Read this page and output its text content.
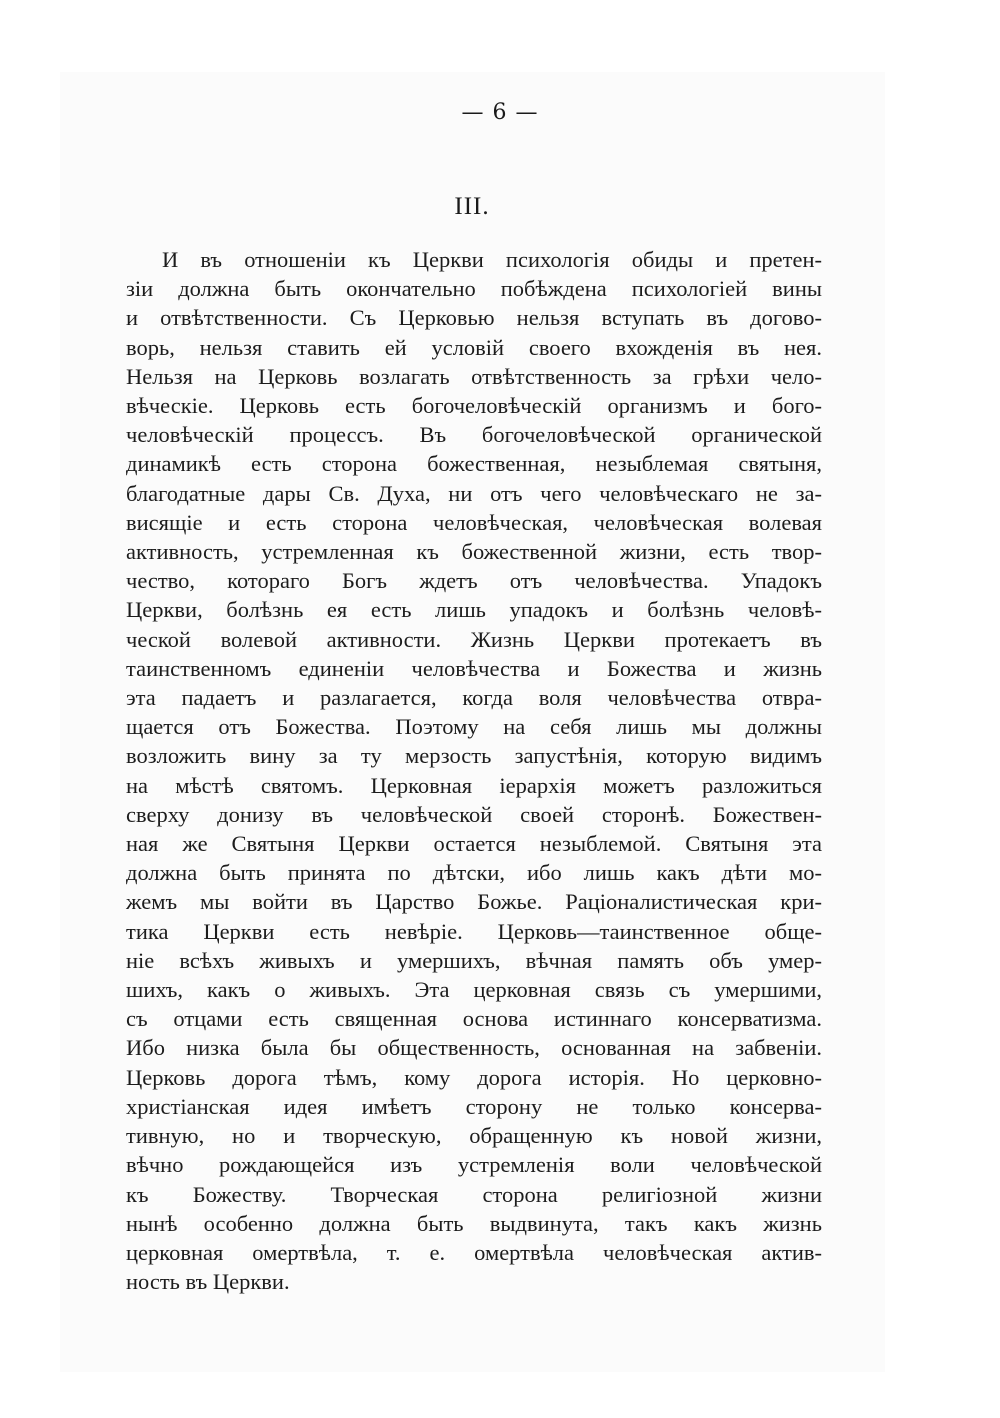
— 6 —
III.
И въ отношеніи къ Церкви психологія обиды и претен-
зіи должна быть окончательно побѣждена психологіей вины
и отвѣтственности. Съ Церковью нельзя вступать въ догово-
ворь, нельзя ставить ей условій своего вхожденія въ нея.
Нельзя на Церковь возлагать отвѣтственность за грѣхи чело-
вѣческіе. Церковь есть богочеловѣческій организмъ и бого-
человѣческій процессъ. Въ богочеловѣческой органической
динамикѣ есть сторона божественная, незыблемая святыня,
благодатные дары Св. Духа, ни отъ чего человѣческаго не за-
висящіе и есть сторона человѣческая, человѣческая волевая
активность, устремленная къ божественной жизни, есть твор-
чество, котораго Богъ ждетъ отъ человѣчества. Упадокъ
Церкви, болѣзнь ея есть лишь упадокъ и болѣзнь человѣ-
ческой волевой активности. Жизнь Церкви протекаетъ въ
таинственномъ единеніи человѣчества и Божества и жизнь
эта падаетъ и разлагается, когда воля человѣчества отвра-
щается отъ Божества. Поэтому на себя лишь мы должны
возложить вину за ту мерзость запустѣнія, которую видимъ
на мѣстѣ святомъ. Церковная іерархія можетъ разложиться
сверху донизу въ человѣческой своей сторонѣ. Божествен-
ная же Святыня Церкви остается незыблемой. Святыня эта
должна быть принята по дѣтски, ибо лишь какъ дѣти мо-
жемъ мы войти въ Царство Божье. Раціоналистическая кри-
тика Церкви есть невѣріе. Церковь—таинственное обще-
ніе всѣхъ живыхъ и умершихъ, вѣчная память объ умер-
шихъ, какъ о живыхъ. Эта церковная связь съ умершими,
съ отцами есть священная основа истиннаго консерватизма.
Ибо низка была бы общественность, основанная на забвеніи.
Церковь дорога тѣмъ, кому дорога исторія. Но церковно-
христіанская идея имѣетъ сторону не только консерва-
тивную, но и творческую, обращенную къ новой жизни,
вѣчно рождающейся изъ устремленія воли человѣческой
къ Божеству. Творческая сторона религіозной жизни
нынѣ особенно должна быть выдвинута, такъ какъ жизнь
церковная омертвѣла, т. е. омертвѣла человѣческая актив-
ность въ Церкви.
